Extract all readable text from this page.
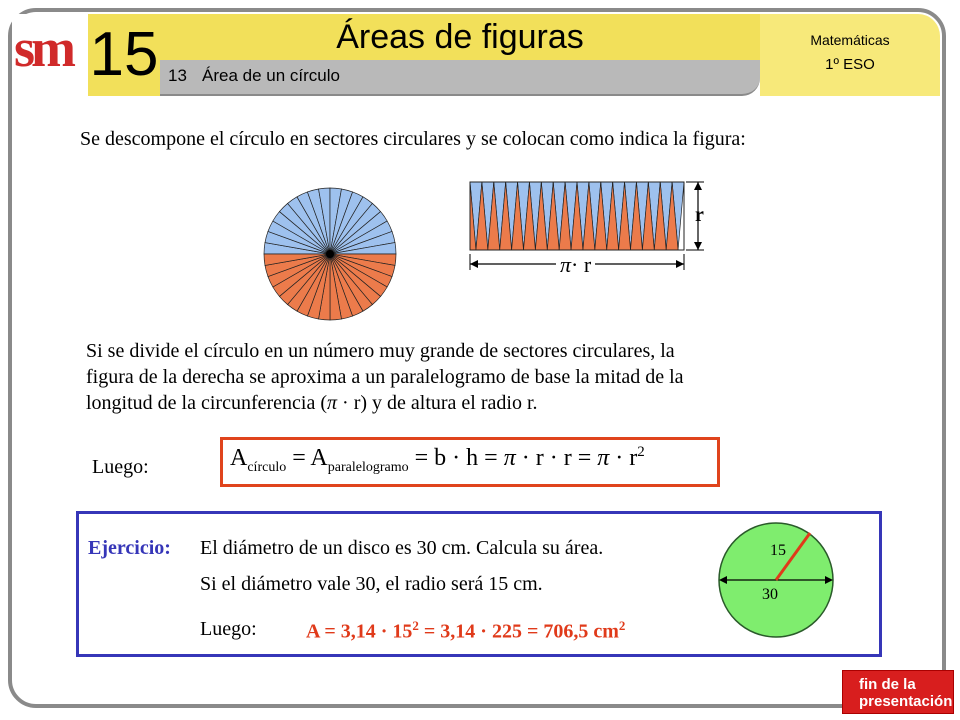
sm 15	Áreas de figuras
13 Área de un círculo
Matemáticas
1º ESO
Se descompone el círculo en sectores circulares y se colocan como indica la figura:
r
π· r
Si se divide el círculo en un número muy grande de sectores circulares, la
figura de la derecha se aproxima a un paralelogramo de base la mitad de la
longitud de la circunferencia (π · r) y de altura el radio r.
Luego:	$A_{círculo} = A_{paralelogramo} = b \cdot h = \pi \cdot r \cdot r = \pi \cdot r^2$
Ejercicio: El diámetro de un disco es 30 cm. Calcula su área.
Si el diámetro vale 30, el radio será 15 cm.
Luego: $A = 3,14 \cdot 15^2 = 3,14 \cdot 225 = 706,5$ $cm^2$
15
30
fin de la
presentación
